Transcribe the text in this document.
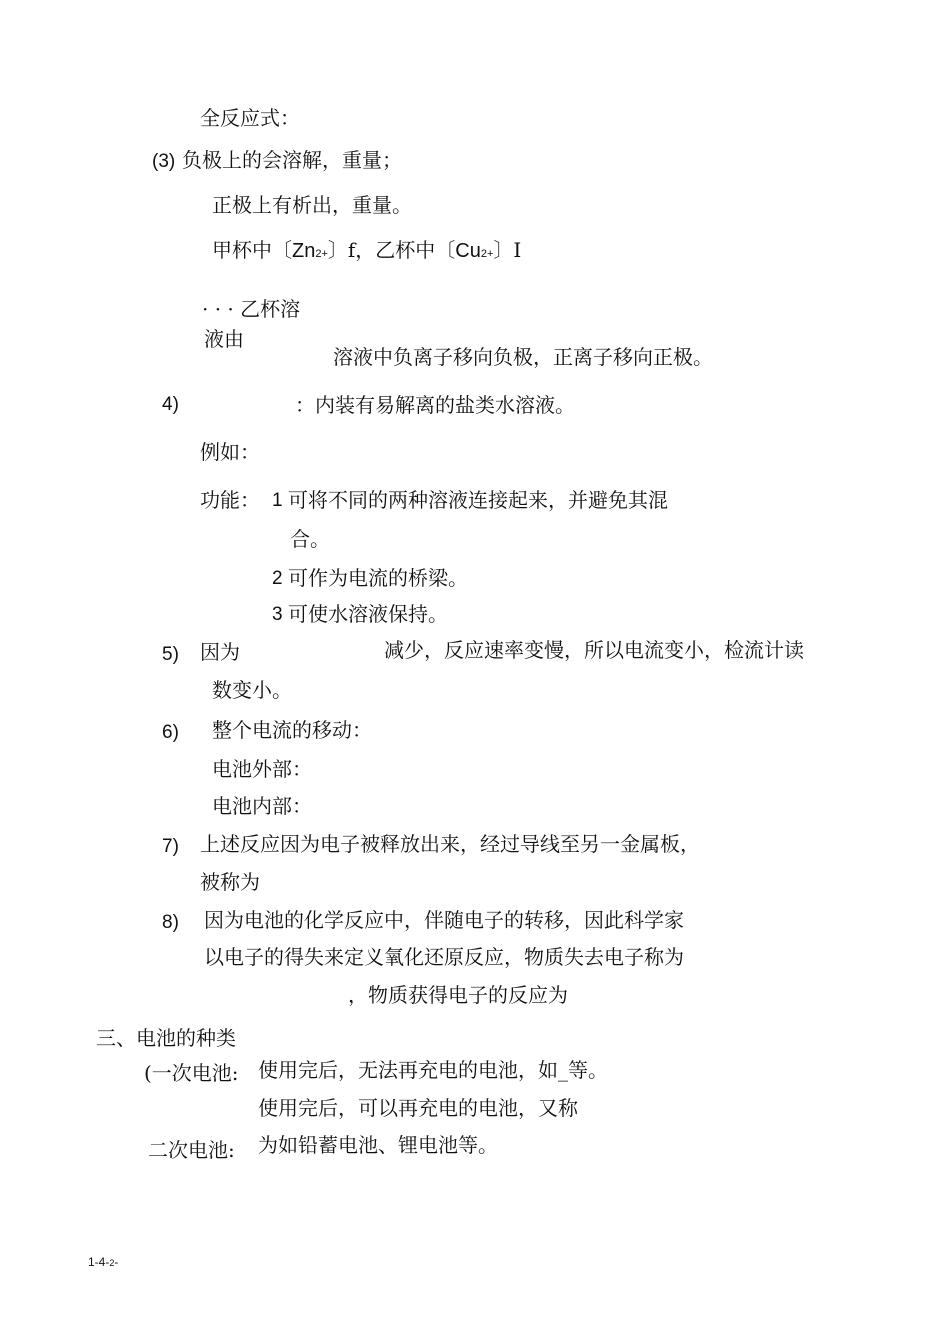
全反应式：
(3) 负极上的会溶解，重量；
正极上有析出，重量。
甲杯中〔Zn2+〕f，乙杯中〔Cu2+〕I
· · · 乙杯溶
液由
溶液中负离子移向负极，正离子移向正极。
4)	：内装有易解离的盐类水溶液。
例如：
功能： 1 可将不同的两种溶液连接起来，并避免其混
合。
2 可作为电流的桥梁。
3 可使水溶液保持。
5) 因为	减少，反应速率变慢，所以电流变小，检流计读
数变小。
6) 整个电流的移动：
电池外部：
电池内部：
7) 上述反应因为电子被释放出来，经过导线至另一金属板，
被称为
8) 因为电池的化学反应中，伴随电子的转移，因此科学家
以电子的得失来定义氧化还原反应，物质失去电子称为
，物质获得电子的反应为
三、电池的种类
(一次电池: 使用完后，无法再充电的电池，如_等。
使用完后，可以再充电的电池，又称
二次电池: 为如铅蓄电池、锂电池等。
1-4-2-
